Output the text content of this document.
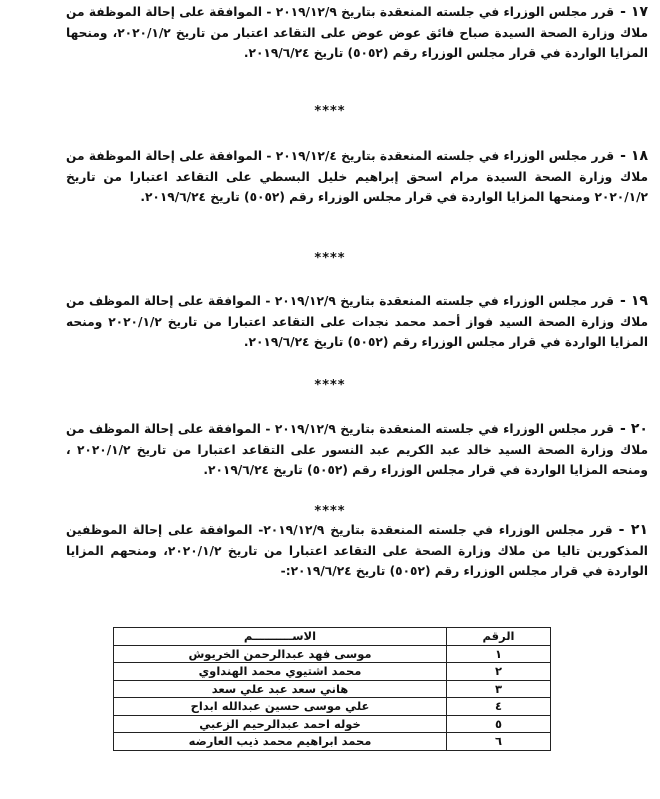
١٧ -قرر مجلس الوزراء في جلسته المنعقدة بتاريخ ٢٠١٩/١٢/٩ - الموافقة على إحالة الموظفة من ملاك وزارة الصحة السيدة صباح فائق عوض عوض على التقاعد اعتبار من تاريخ ٢٠٢٠/١/٢، ومنحها المزايا الواردة في قرار مجلس الوزراء رقم (٥٠٥٢) تاريخ ٢٠١٩/٦/٢٤.
****
١٨ -قرر مجلس الوزراء في جلسته المنعقدة بتاريخ ٢٠١٩/١٢/٤ - الموافقة على إحالة الموظفة من ملاك وزارة الصحة السيدة مرام اسحق إبراهيم خليل البسطي على التقاعد اعتبارا من تاريخ ٢٠٢٠/١/٢ ومنحها المزايا الواردة في قرار مجلس الوزراء رقم (٥٠٥٢) تاريخ ٢٠١٩/٦/٢٤.
****
١٩ -قرر مجلس الوزراء في جلسته المنعقدة بتاريخ ٢٠١٩/١٢/٩ - الموافقة على إحالة الموظف من ملاك وزارة الصحة السيد فواز أحمد محمد نجدات على التقاعد اعتبارا من تاريخ ٢٠٢٠/١/٢ ومنحه المزايا الواردة في قرار مجلس الوزراء رقم (٥٠٥٢) تاريخ ٢٠١٩/٦/٢٤.
****
٢٠ -قرر مجلس الوزراء في جلسته المنعقدة بتاريخ ٢٠١٩/١٢/٩ - الموافقة على إحالة الموظف من ملاك وزارة الصحة السيد خالد عبد الكريم عبد النسور على التقاعد اعتبارا من تاريخ ٢٠٢٠/١/٢ ، ومنحه المزايا الواردة في قرار مجلس الوزراء رقم (٥٠٥٢) تاريخ ٢٠١٩/٦/٢٤.
****
٢١ -قرر مجلس الوزراء في جلسته المنعقدة بتاريخ ٢٠١٩/١٢/٩- الموافقة على إحالة الموظفين المذكورين تاليا من ملاك وزارة الصحة على التقاعد اعتبارا من تاريخ ٢٠٢٠/١/٢، ومنحهم المزايا الواردة في قرار مجلس الوزراء رقم (٥٠٥٢) تاريخ ٢٠١٩/٦/٢٤:-
الرقم	الاســــــــــم
١	موسى فهد عبدالرحمن الخريوش
٢	محمد اشتيوي محمد الهنداوي
٣	هاني سعد عبد علي سعد
٤	علي موسى حسين عبدالله ابداح
٥	خوله احمد عبدالرحيم الزعبي
٦	محمد ابراهيم محمد ذيب العارضه
